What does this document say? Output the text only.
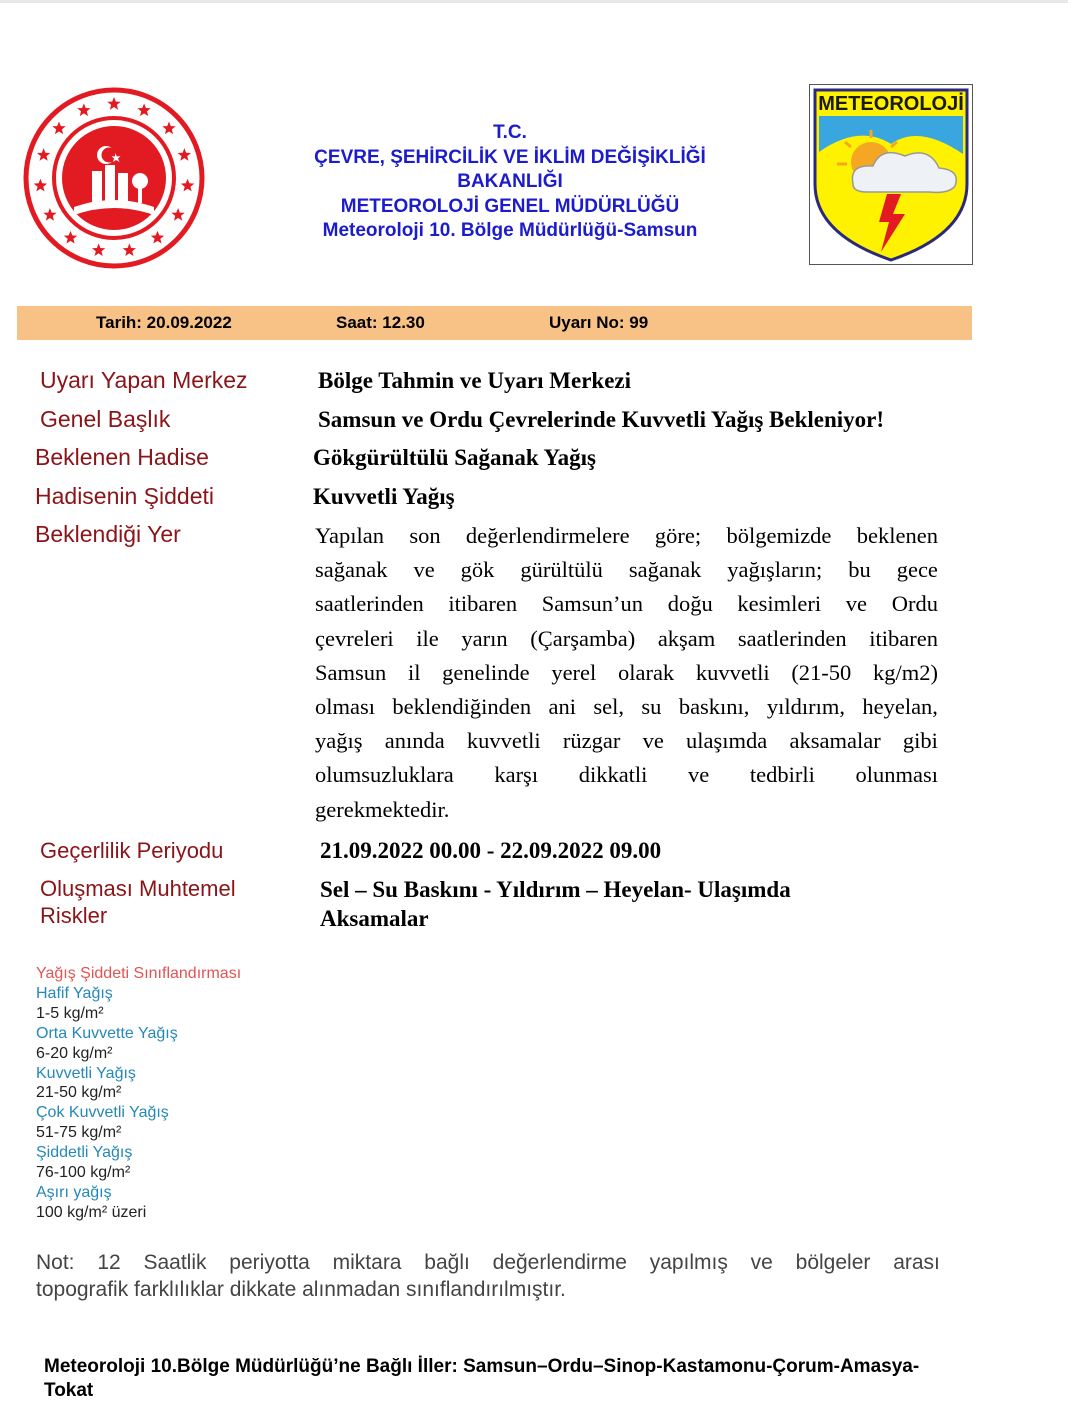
T.C.
ÇEVRE, ŞEHİRCİLİK VE İKLİM DEĞİŞİKLİĞİ
BAKANLIĞI
METEOROLOJİ GENEL MÜDÜRLÜĞÜ
Meteoroloji 10. Bölge Müdürlüğü-Samsun
METEOROLOJİ
Tarih: 20.09.2022	Saat: 12.30	Uyarı No: 99
Uyarı Yapan Merkez	Bölge Tahmin ve Uyarı Merkezi
Genel Başlık	Samsun ve Ordu Çevrelerinde Kuvvetli Yağış Bekleniyor!
Beklenen Hadise	Gökgürültülü Sağanak Yağış
Hadisenin Şiddeti	Kuvvetli Yağış
Beklendiği Yer	Yapılan son değerlendirmelere göre; bölgemizde beklenen
sağanak ve gök gürültülü sağanak yağışların; bu gece
saatlerinden itibaren Samsun’un doğu kesimleri ve Ordu
çevreleri ile yarın (Çarşamba) akşam saatlerinden itibaren
Samsun il genelinde yerel olarak kuvvetli (21-50 kg/m2)
olması beklendiğinden ani sel, su baskını, yıldırım, heyelan,
yağış anında kuvvetli rüzgar ve ulaşımda aksamalar gibi
olumsuzluklara karşı dikkatli ve tedbirli olunması
gerekmektedir.
Geçerlilik Periyodu	21.09.2022 00.00 - 22.09.2022 09.00
Oluşması Muhtemel
Riskler
Sel – Su Baskını - Yıldırım – Heyelan- Ulaşımda
Aksamalar
Yağış Şiddeti Sınıflandırması
Hafif Yağış
1-5 kg/m²
Orta Kuvvette Yağış
6-20 kg/m²
Kuvvetli Yağış
21-50 kg/m²
Çok Kuvvetli Yağış
51-75 kg/m²
Şiddetli Yağış
76-100 kg/m²
Aşırı yağış
100 kg/m² üzeri
Not: 12 Saatlik periyotta miktara bağlı değerlendirme yapılmış ve bölgeler arası
topografik farklılıklar dikkate alınmadan sınıflandırılmıştır.
Meteoroloji 10.Bölge Müdürlüğü’ne Bağlı İller: Samsun–Ordu–Sinop-Kastamonu-Çorum-Amasya-
Tokat
